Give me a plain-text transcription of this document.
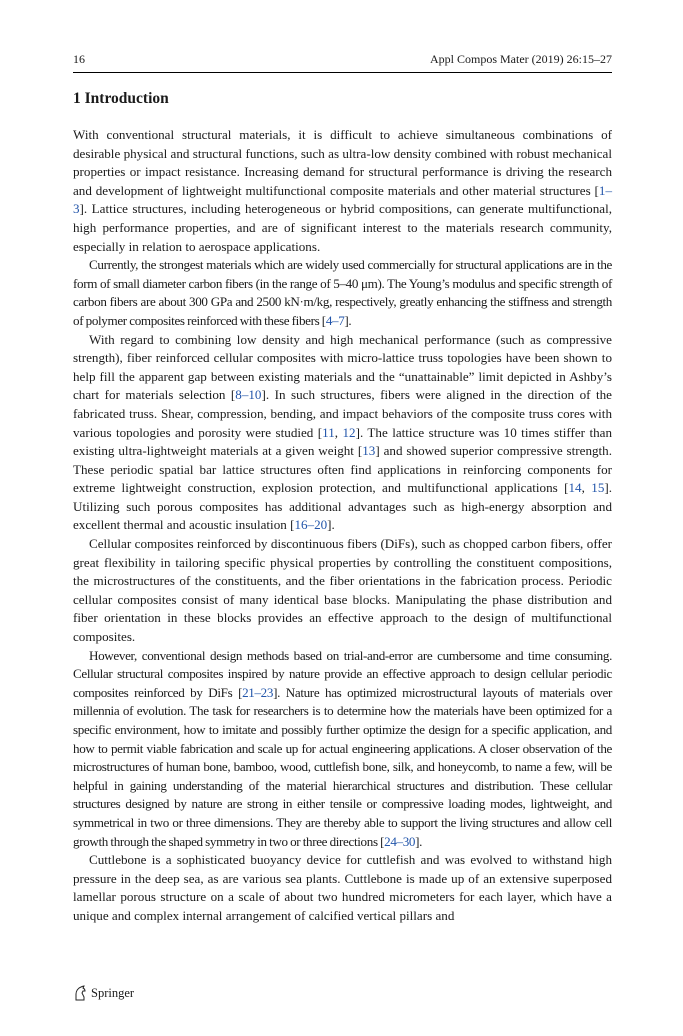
16	Appl Compos Mater (2019) 26:15–27
1 Introduction

With conventional structural materials, it is difficult to achieve simultaneous combinations of desirable physical and structural functions, such as ultra-low density combined with robust mechanical properties or impact resistance. Increasing demand for structural performance is driving the research and development of lightweight multifunctional composite materials and other material structures [1–3]. Lattice structures, including heterogeneous or hybrid compositions, can generate multifunctional, high performance properties, and are of significant interest to the materials research community, especially in relation to aerospace applications.

Currently, the strongest materials which are widely used commercially for structural applications are in the form of small diameter carbon fibers (in the range of 5–40 μm). The Young’s modulus and specific strength of carbon fibers are about 300 GPa and 2500 kN·m/kg, respectively, greatly enhancing the stiffness and strength of polymer composites reinforced with these fibers [4–7].

With regard to combining low density and high mechanical performance (such as compressive strength), fiber reinforced cellular composites with micro-lattice truss topologies have been shown to help fill the apparent gap between existing materials and the “unattainable” limit depicted in Ashby’s chart for materials selection [8–10]. In such structures, fibers were aligned in the direction of the fabricated truss. Shear, compression, bending, and impact behaviors of the composite truss cores with various topologies and porosity were studied [11, 12]. The lattice structure was 10 times stiffer than existing ultra-lightweight materials at a given weight [13] and showed superior compressive strength. These periodic spatial bar lattice structures often find applications in reinforcing components for extreme lightweight construction, explosion protection, and multifunctional applications [14, 15]. Utilizing such porous composites has additional advantages such as high-energy absorption and excellent thermal and acoustic insulation [16–20].

Cellular composites reinforced by discontinuous fibers (DiFs), such as chopped carbon fibers, offer great flexibility in tailoring specific physical properties by controlling the constituent compositions, the microstructures of the constituents, and the fiber orientations in the fabrication process. Periodic cellular composites consist of many identical base blocks. Manipulating the phase distribution and fiber orientation in these blocks provides an effective approach to the design of multifunctional composites.

However, conventional design methods based on trial-and-error are cumbersome and time consuming. Cellular structural composites inspired by nature provide an effective approach to design cellular periodic composites reinforced by DiFs [21–23]. Nature has optimized microstructural layouts of materials over millennia of evolution. The task for researchers is to determine how the materials have been optimized for a specific environment, how to imitate and possibly further optimize the design for a specific application, and how to permit viable fabrication and scale up for actual engineering applications. A closer observation of the microstructures of human bone, bamboo, wood, cuttlefish bone, silk, and honeycomb, to name a few, will be helpful in gaining understanding of the material hierarchical structures and distribution. These cellular structures designed by nature are strong in either tensile or compressive loading modes, lightweight, and symmetrical in two or three dimensions. They are thereby able to support the living structures and allow cell growth through the shaped symmetry in two or three directions [24–30].

Cuttlebone is a sophisticated buoyancy device for cuttlefish and was evolved to withstand high pressure in the deep sea, as are various sea plants. Cuttlebone is made up of an extensive superposed lamellar porous structure on a scale of about two hundred micrometers for each layer, which have a unique and complex internal arrangement of calcified vertical pillars and

Springer
